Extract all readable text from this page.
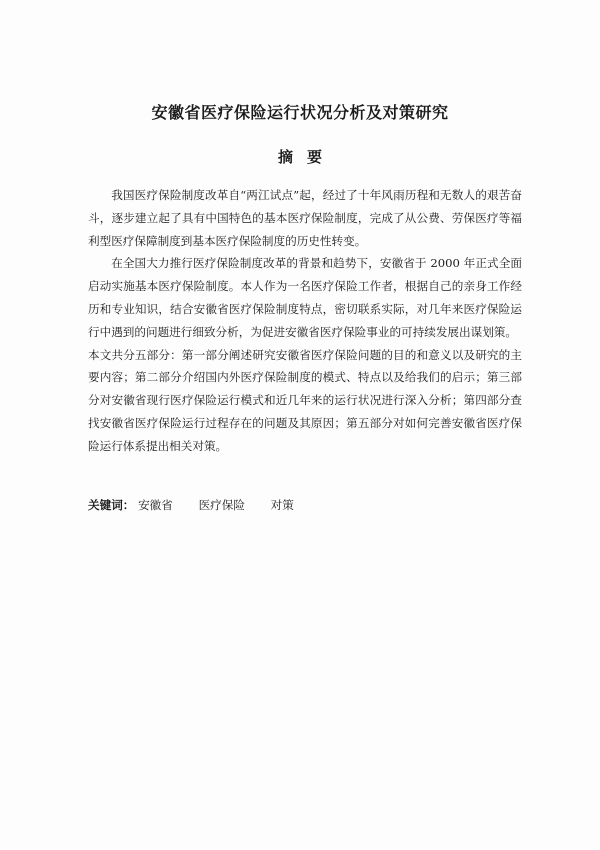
安徽省医疗保险运行状况分析及对策研究
摘要

我国医疗保险制度改革自“两江试点”起，经过了十年风雨历程和无数人的艰苦奋斗，逐步建立起了具有中国特色的基本医疗保险制度，完成了从公费、劳保医疗等福利型医疗保障制度到基本医疗保险制度的历史性转变。

在全国大力推行医疗保险制度改革的背景和趋势下，安徽省于 2000 年正式全面启动实施基本医疗保险制度。本人作为一名医疗保险工作者，根据自己的亲身工作经历和专业知识，结合安徽省医疗保险制度特点，密切联系实际，对几年来医疗保险运行中遇到的问题进行细致分析，为促进安徽省医疗保险事业的可持续发展出谋划策。

本文共分五部分：第一部分阐述研究安徽省医疗保险问题的目的和意义以及研究的主要内容；第二部分介绍国内外医疗保险制度的模式、特点以及给我们的启示；第三部分对安徽省现行医疗保险运行模式和近几年来的运行状况进行深入分析；第四部分查找安徽省医疗保险运行过程存在的问题及其原因；第五部分对如何完善安徽省医疗保险运行体系提出相关对策。

关键词： 安徽省 医疗保险 对策
